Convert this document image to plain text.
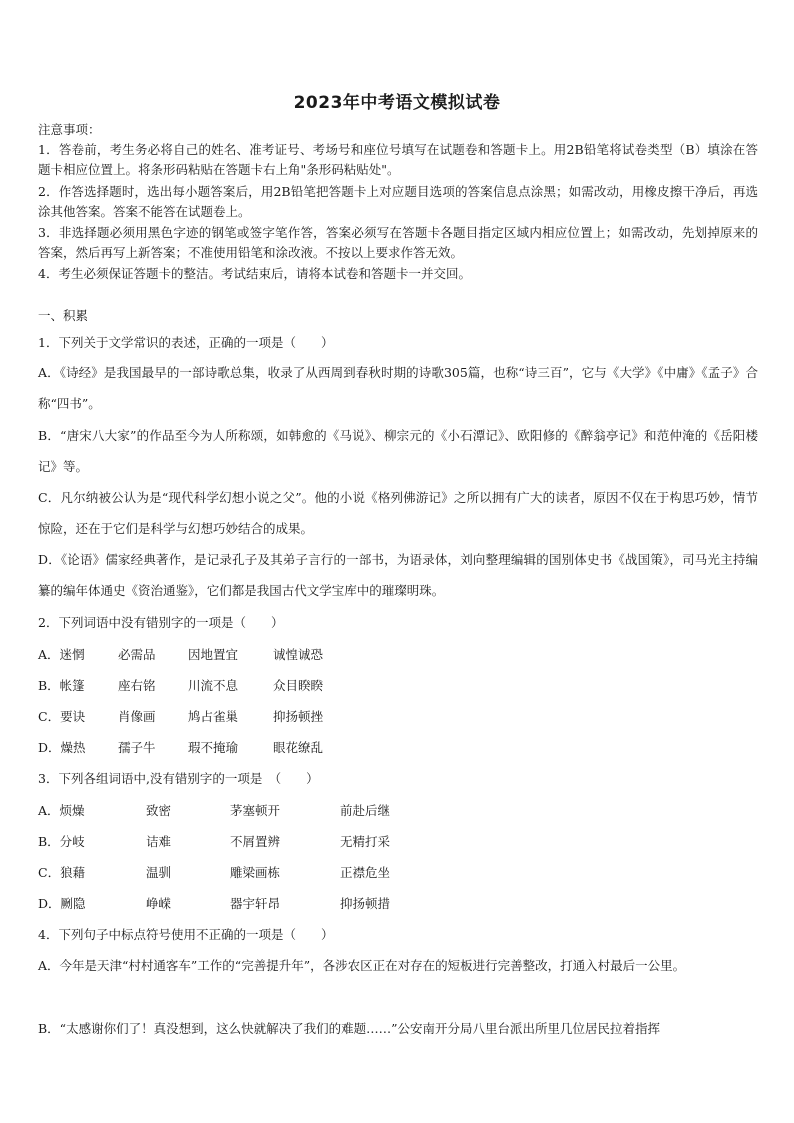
2023年中考语文模拟试卷
注意事项：
1．答卷前，考生务必将自己的姓名、准考证号、考场号和座位号填写在试题卷和答题卡上。用2B铅笔将试卷类型（B）填涂在答题卡相应位置上。将条形码粘贴在答题卡右上角"条形码粘贴处"。
2．作答选择题时，选出每小题答案后，用2B铅笔把答题卡上对应题目选项的答案信息点涂黑；如需改动，用橡皮擦干净后，再选涂其他答案。答案不能答在试题卷上。
3．非选择题必须用黑色字迹的钢笔或签字笔作答，答案必须写在答题卡各题目指定区域内相应位置上；如需改动，先划掉原来的答案，然后再写上新答案；不准使用铅笔和涂改液。不按以上要求作答无效。
4．考生必须保证答题卡的整洁。考试结束后，请将本试卷和答题卡一并交回。
一、积累
1．下列关于文学常识的表述，正确的一项是（　　）
A．《诗经》是我国最早的一部诗歌总集，收录了从西周到春秋时期的诗歌305篇，也称“诗三百”，它与《大学》《中庸》《孟子》合称“四书”。
B．“唐宋八大家”的作品至今为人所称颂，如韩愈的《马说》、柳宗元的《小石潭记》、欧阳修的《醉翁亭记》和范仲淹的《岳阳楼记》等。
C．凡尔纳被公认为是“现代科学幻想小说之父”。他的小说《格列佛游记》之所以拥有广大的读者，原因不仅在于构思巧妙，情节惊险，还在于它们是科学与幻想巧妙结合的成果。
D．《论语》儒家经典著作，是记录孔子及其弟子言行的一部书，为语录体，刘向整理编辑的国别体史书《战国策》，司马光主持编纂的编年体通史《资治通鉴》，它们都是我国古代文学宝库中的璀璨明珠。
2．下列词语中没有错别字的一项是（　　）
A．迷惘	必需品	因地置宜	诚惶诚恐
B．帐篷	座右铭	川流不息	众目睽睽
C．要诀	肖像画	鸠占雀巢	抑扬顿挫
D．燥热	孺子牛	瑕不掩瑜	眼花缭乱
3．下列各组词语中,没有错别字的一项是　（　　）
A．烦燥	致密	茅塞顿开	前赴后继
B．分岐	诘难	不屑置辨	无精打采
C．狼藉	温驯	雕梁画栋	正襟危坐
D．劂隐	峥嵘	器宇轩昂	抑扬顿措
4．下列句子中标点符号使用不正确的一项是（　　）
A．今年是天津“村村通客车”工作的“完善提升年”，各涉农区正在对存在的短板进行完善整改，打通入村最后一公里。
B．“太感谢你们了！真没想到，这么快就解决了我们的难题……”公安南开分局八里台派出所里几位居民拉着指挥
